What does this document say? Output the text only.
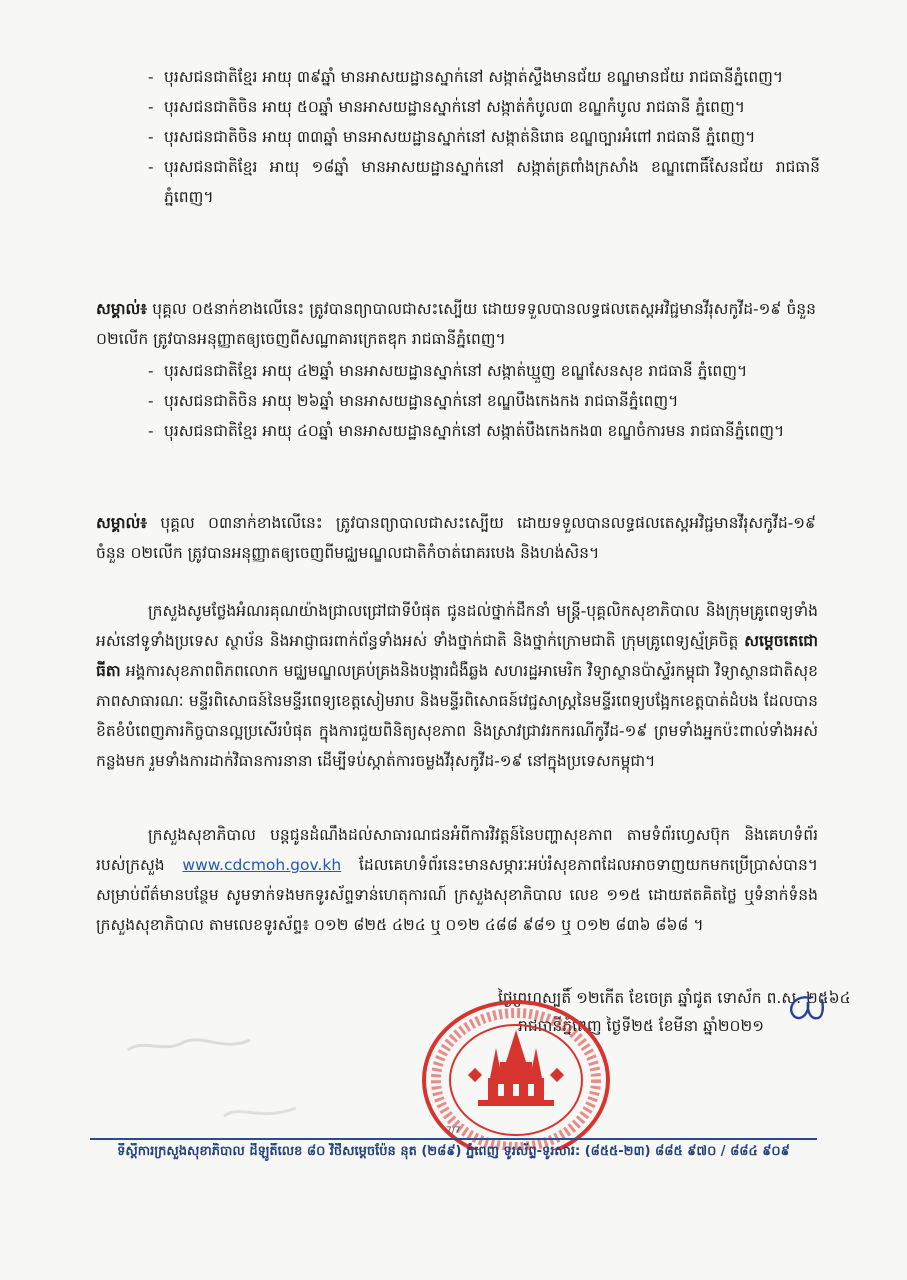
- បុរសជនជាតិខ្មែរ អាយុ ៣៩ឆ្នាំ មានអាសយដ្ឋានស្នាក់នៅ សង្កាត់ស្ទឹងមានជ័យ ខណ្ឌមានជ័យ រាជធានីភ្នំពេញ។
- បុរសជនជាតិចិន អាយុ ៥០ឆ្នាំ មានអាសយដ្ឋានស្នាក់នៅ សង្កាត់កំបូល៣ ខណ្ឌកំបូល រាជធានី ភ្នំពេញ។
- បុរសជនជាតិចិន អាយុ ៣៣ឆ្នាំ មានអាសយដ្ឋានស្នាក់នៅ សង្កាត់និរោធ ខណ្ឌច្បារអំពៅ រាជធានី ភ្នំពេញ។
- បុរសជនជាតិខ្មែរ អាយុ ១៨ឆ្នាំ មានអាសយដ្ឋានស្នាក់នៅ សង្កាត់ត្រពាំងក្រសាំង ខណ្ឌពោធិ៍សែនជ័យ រាជធានីភ្នំពេញ។
សម្គាល់៖ បុគ្គល ០៥នាក់ខាងលើនេះ ត្រូវបានព្យាបាលជាសះស្បើយ ដោយទទួលបានលទ្ធផលតេស្តអវិជ្ជមានវីរុសកូវីដ-១៩ ចំនួន ០២លើក ត្រូវបានអនុញ្ញាតឲ្យចេញពីសណ្ឋាគារក្រេតឌុក រាជធានីភ្នំពេញ។
- បុរសជនជាតិខ្មែរ អាយុ ៤២ឆ្នាំ មានអាសយដ្ឋានស្នាក់នៅ សង្កាត់ឃ្មួញ ខណ្ឌសែនសុខ រាជធានី ភ្នំពេញ។
- បុរសជនជាតិចិន អាយុ ២៦ឆ្នាំ មានអាសយដ្ឋានស្នាក់នៅ ខណ្ឌបឹងកេងកង រាជធានីភ្នំពេញ។
- បុរសជនជាតិខ្មែរ អាយុ ៤០ឆ្នាំ មានអាសយដ្ឋានស្នាក់នៅ សង្កាត់បឹងកេងកង៣ ខណ្ឌចំការមន រាជធានីភ្នំពេញ។
សម្គាល់៖ បុគ្គល ០៣នាក់ខាងលើនេះ ត្រូវបានព្យាបាលជាសះស្បើយ ដោយទទួលបានលទ្ធផលតេស្តអវិជ្ជមានវីរុសកូវីដ-១៩ ចំនួន ០២លើក ត្រូវបានអនុញ្ញាតឲ្យចេញពីមជ្ឈមណ្ឌលជាតិកំចាត់រោគរបេង និងហង់សិន។
ក្រសួងសូមថ្លែងអំណរគុណយ៉ាងជ្រាលជ្រៅជាទីបំផុត ជូនដល់ថ្នាក់ដឹកនាំ មន្ត្រី-បុគ្គលិកសុខាភិបាល និងក្រុមគ្រូពេទ្យទាំងអស់នៅទូទាំងប្រទេស ស្ថាប័ន និងអាជ្ញាធរពាក់ព័ន្ធទាំងអស់ ទាំងថ្នាក់ជាតិ និងថ្នាក់ក្រោមជាតិ ក្រុមគ្រូពេទ្យស្ម័គ្រចិត្ត សម្ដេចតេជោ ធីតា អង្គការសុខភាពពិភពលោក មជ្ឈមណ្ឌលគ្រប់គ្រងនិងបង្ការជំងឺឆ្លង សហរដ្ឋអាមេរិក វិទ្យាស្ថានប៉ាស្ទ័រកម្ពុជា វិទ្យាស្ថានជាតិសុខភាពសាធារណៈ មន្ទីរពិសោធន៍នៃមន្ទីរពេទ្យខេត្តសៀមរាប និងមន្ទីរពិសោធន៍វេជ្ជសាស្ត្រនៃមន្ទីរពេទ្យបង្អែកខេត្តបាត់ដំបង ដែលបានខិតខំបំពេញភារកិច្ចបានល្អប្រសើរបំផុត ក្នុងការជួយពិនិត្យសុខភាព និងស្រាវជ្រាវរកករណីកូវីដ-១៩ ព្រមទាំងអ្នកប៉ះពាល់ទាំងអស់កន្លងមក រួមទាំងការដាក់វិធានការនានា ដើម្បីទប់ស្កាត់ការចម្លងវីរុសកូវីដ-១៩ នៅក្នុងប្រទេសកម្ពុជា។
ក្រសួងសុខាភិបាល បន្តជូនដំណឹងដល់សាធារណជនអំពីការវិវត្តន៍នៃបញ្ហាសុខភាព តាមទំព័រហ្វេសប៊ុក និងគេហទំព័ររបស់ក្រសួង www.cdcmoh.gov.kh ដែលគេហទំព័រនេះមានសម្ភារៈអប់រំសុខភាពដែលអាចទាញយកមកប្រើប្រាស់បាន។ សម្រាប់ព័ត៌មានបន្ថែម សូមទាក់ទងមកទូរស័ព្ទទាន់ហេតុការណ៍ ក្រសួងសុខាភិបាល លេខ ១១៥ ដោយឥតគិតថ្លៃ ឬទំនាក់ទំនងក្រសួងសុខាភិបាល តាមលេខទូរស័ព្ទ៖ ០១២ ៨២៥ ៤២៤ ឬ ០១២ ៤៨៨ ៩៨១ ឬ ០១២ ៨៣៦ ៨៦៨ ។
ថ្ងៃព្រហស្បតិ៍ ១២កើត ខែចេត្រ ឆ្នាំជូត ទោស័ក ព.ស. ២៥៦៤
រាជធានីភ្នំពេញ ថ្ងៃទី២៥ ខែមីនា ឆ្នាំ២០២១
7/7
ទីស្តីការក្រសួងសុខាភិបាល ដីឡូតិ៍លេខ ៨០ វិថីសម្តេចប៉ែន នុត (២៨៩) ភ្នំពេញ ទូរស័ព្ទ-ទូរសារ: (៨៥៥-២៣) ៨៨៥ ៩៧០ / ៨៨៤ ៩០៩
